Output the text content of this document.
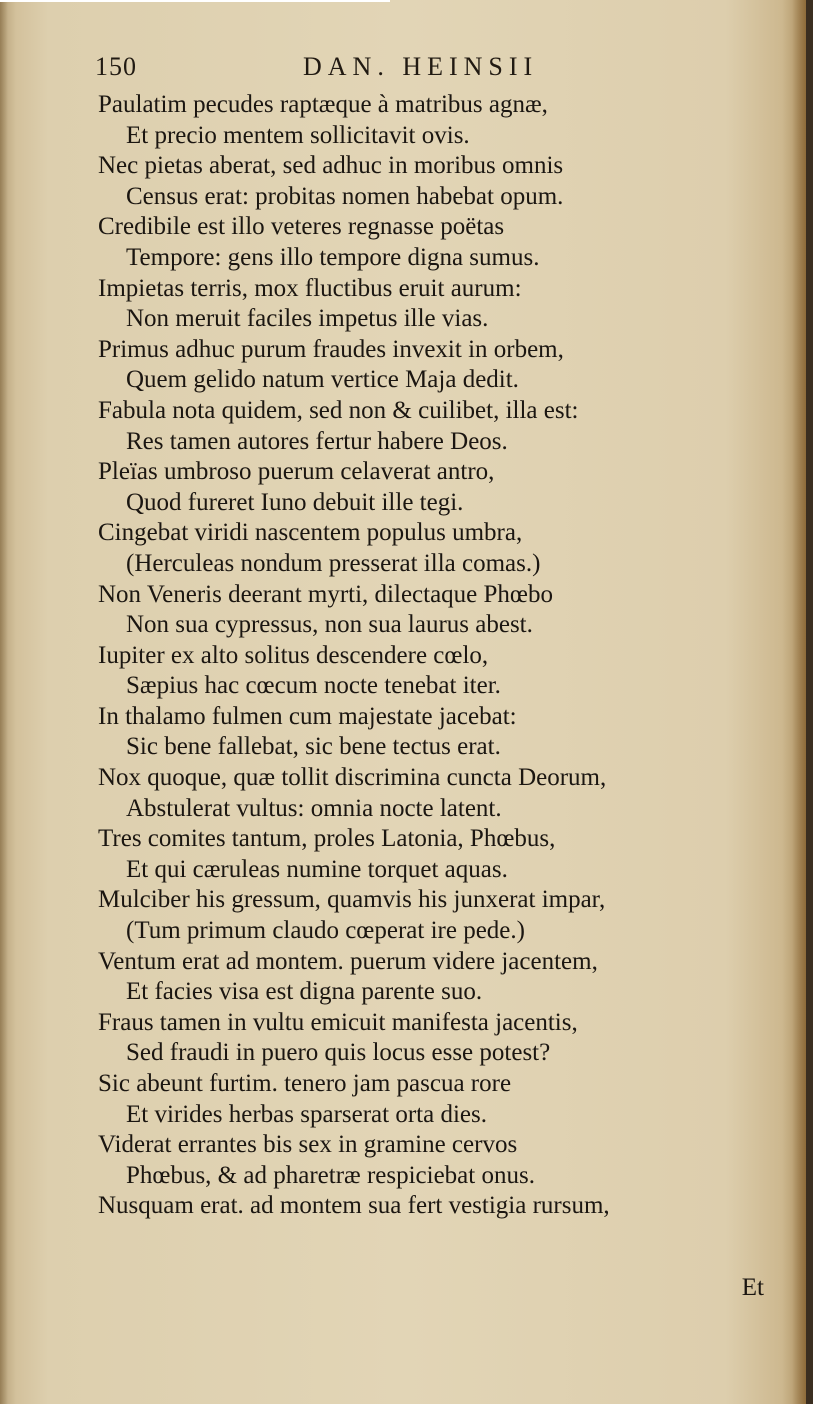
150	DAN. HEINSII
Paulatim pecudes raptæque à matribus agnæ,
Et precio mentem sollicitavit ovis.
Nec pietas aberat, sed adhuc in moribus omnis
Census erat: probitas nomen habebat opum.
Credibile est illo veteres regnasse poëtas
Tempore: gens illo tempore digna sumus.
Impietas terris, mox fluctibus eruit aurum:
Non meruit faciles impetus ille vias.
Primus adhuc purum fraudes invexit in orbem,
Quem gelido natum vertice Maja dedit.
Fabula nota quidem, sed non & cuilibet, illa est:
Res tamen autores fertur habere Deos.
Pleïas umbroso puerum celaverat antro,
Quod fureret Iuno debuit ille tegi.
Cingebat viridi nascentem populus umbra,
(Herculeas nondum presserat illa comas.)
Non Veneris deerant myrti, dilectaque Phœbo
Non sua cypressus, non sua laurus abest.
Iupiter ex alto solitus descendere cœlo,
Sæpius hac cœcum nocte tenebat iter.
In thalamo fulmen cum majestate jacebat:
Sic bene fallebat, sic bene tectus erat.
Nox quoque, quæ tollit discrimina cuncta Deorum,
Abstulerat vultus: omnia nocte latent.
Tres comites tantum, proles Latonia, Phœbus,
Et qui cæruleas numine torquet aquas.
Mulciber his gressum, quamvis his junxerat impar,
(Tum primum claudo cœperat ire pede.)
Ventum erat ad montem. puerum videre jacentem,
Et facies visa est digna parente suo.
Fraus tamen in vultu emicuit manifesta jacentis,
Sed fraudi in puero quis locus esse potest?
Sic abeunt furtim. tenero jam pascua rore
Et virides herbas sparserat orta dies.
Viderat errantes bis sex in gramine cervos
Phœbus, & ad pharetræ respiciebat onus.
Nusquam erat. ad montem sua fert vestigia rursum,
Et
